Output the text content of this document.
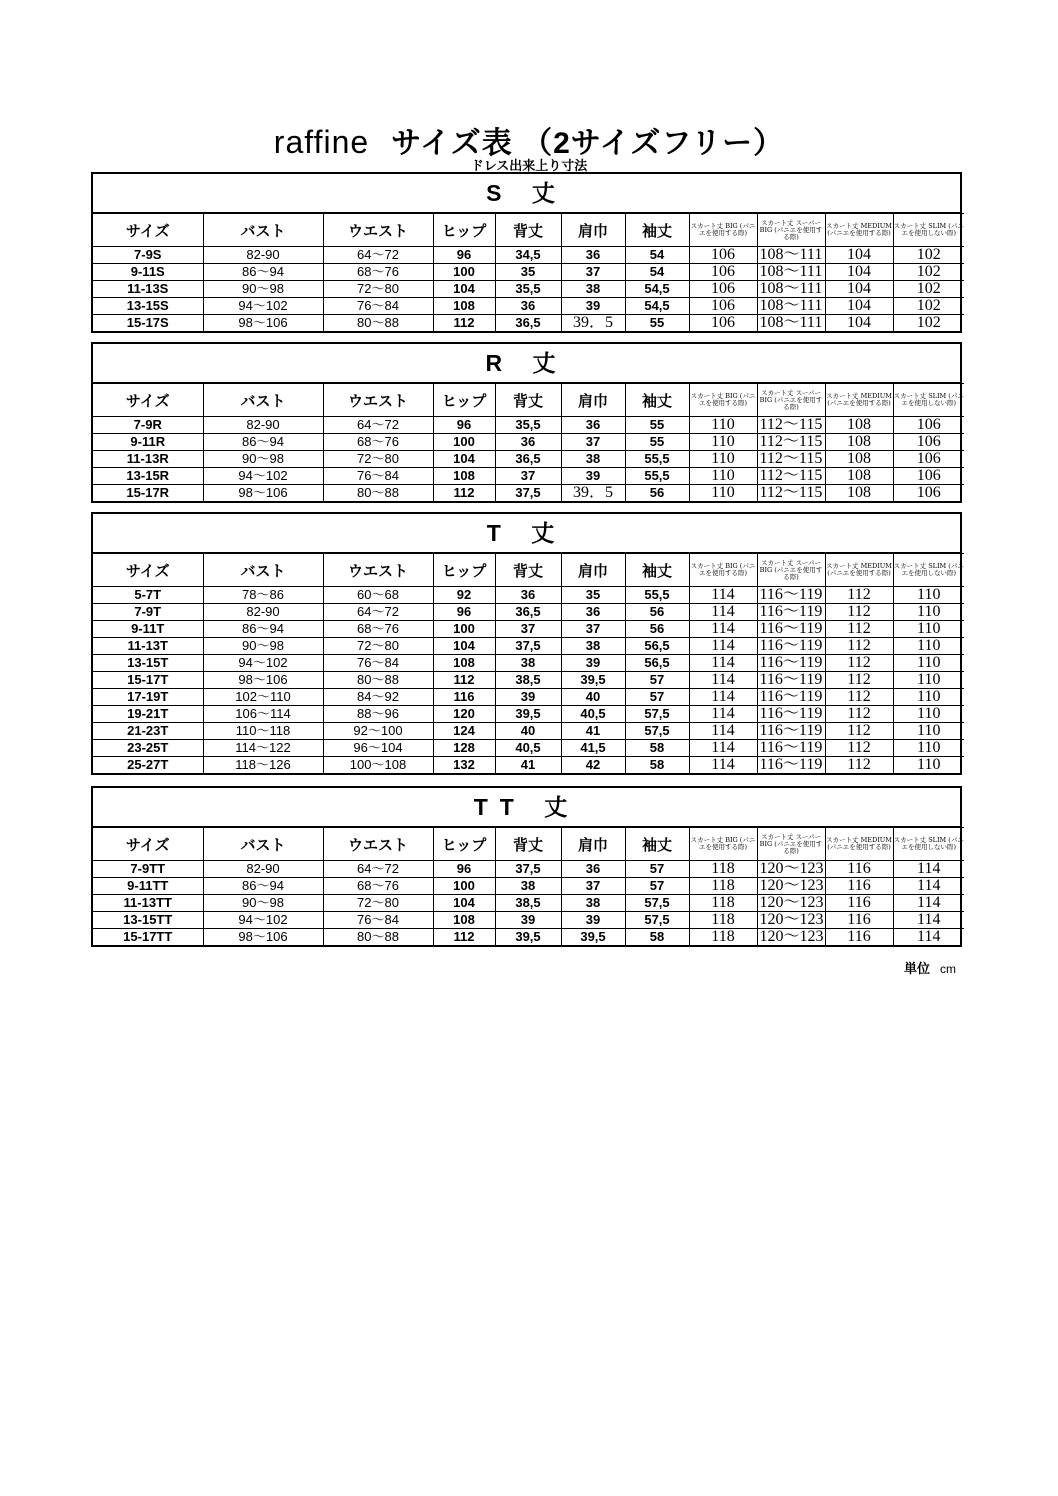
raffine サイズ表 （2サイズフリー）
ドレス出来上り寸法
S 丈
サイズ	バスト	ウエスト	ヒップ	背丈	肩巾	袖丈	スカート丈 BIG (パニエを使用する際)	スカート丈 スーパーBIG (パニエを使用する際)	スカート丈 MEDIUM (パニエを使用する際)	スカート丈 SLIM (パニエを使用しない際)
7-9S	82-90	64～72	96	34,5	36	54	106	108～111	104	102
9-11S	86～94	68～76	100	35	37	54	106	108～111	104	102
11-13S	90～98	72～80	104	35,5	38	54,5	106	108～111	104	102
13-15S	94～102	76～84	108	36	39	54,5	106	108～111	104	102
15-17S	98～106	80～88	112	36,5	39．5	55	106	108～111	104	102
R 丈
サイズ	バスト	ウエスト	ヒップ	背丈	肩巾	袖丈	スカート丈 BIG (パニエを使用する際)	スカート丈 スーパーBIG (パニエを使用する際)	スカート丈 MEDIUM (パニエを使用する際)	スカート丈 SLIM (パニエを使用しない際)
7-9R	82-90	64～72	96	35,5	36	55	110	112～115	108	106
9-11R	86～94	68～76	100	36	37	55	110	112～115	108	106
11-13R	90～98	72～80	104	36,5	38	55,5	110	112～115	108	106
13-15R	94～102	76～84	108	37	39	55,5	110	112～115	108	106
15-17R	98～106	80～88	112	37,5	39．5	56	110	112～115	108	106
T 丈
サイズ	バスト	ウエスト	ヒップ	背丈	肩巾	袖丈	スカート丈 BIG (パニエを使用する際)	スカート丈 スーパーBIG (パニエを使用する際)	スカート丈 MEDIUM (パニエを使用する際)	スカート丈 SLIM (パニエを使用しない際)
5-7T	78～86	60～68	92	36	35	55,5	114	116～119	112	110
7-9T	82-90	64～72	96	36,5	36	56	114	116～119	112	110
9-11T	86～94	68～76	100	37	37	56	114	116～119	112	110
11-13T	90～98	72～80	104	37,5	38	56,5	114	116～119	112	110
13-15T	94～102	76～84	108	38	39	56,5	114	116～119	112	110
15-17T	98～106	80～88	112	38,5	39,5	57	114	116～119	112	110
17-19T	102～110	84～92	116	39	40	57	114	116～119	112	110
19-21T	106～114	88～96	120	39,5	40,5	57,5	114	116～119	112	110
21-23T	110～118	92～100	124	40	41	57,5	114	116～119	112	110
23-25T	114～122	96～104	128	40,5	41,5	58	114	116～119	112	110
25-27T	118～126	100～108	132	41	42	58	114	116～119	112	110
TT 丈
サイズ	バスト	ウエスト	ヒップ	背丈	肩巾	袖丈	スカート丈 BIG (パニエを使用する際)	スカート丈 スーパーBIG (パニエを使用する際)	スカート丈 MEDIUM (パニエを使用する際)	スカート丈 SLIM (パニエを使用しない際)
7-9TT	82-90	64～72	96	37,5	36	57	118	120～123	116	114
9-11TT	86～94	68～76	100	38	37	57	118	120～123	116	114
11-13TT	90～98	72～80	104	38,5	38	57,5	118	120～123	116	114
13-15TT	94～102	76～84	108	39	39	57,5	118	120～123	116	114
15-17TT	98～106	80～88	112	39,5	39,5	58	118	120～123	116	114
単位 cm
